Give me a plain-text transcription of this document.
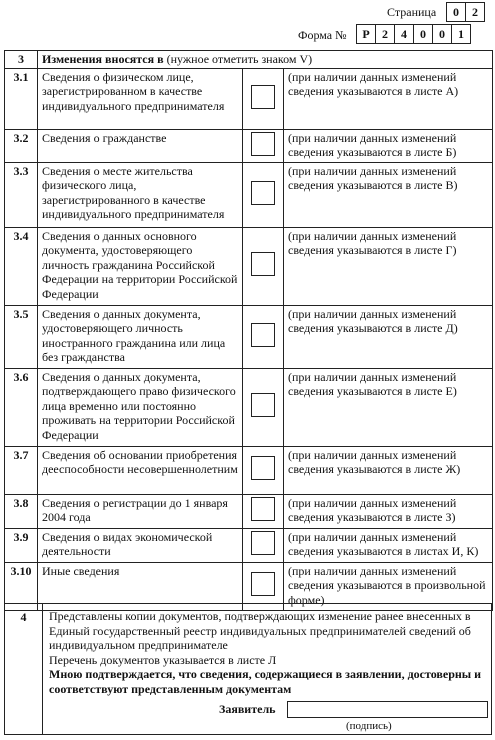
Страница	0	2
Форма №	Р	2	4	0	0	1
3	Изменения вносятся в (нужное отметить знаком V)		
3.1	Сведения о физическом лице, зарегистрированном в качестве индивидуального предпринимателя		(при наличии данных изменений сведения указываются в листе А)
3.2	Сведения о гражданстве		(при наличии данных изменений сведения указываются в листе Б)
3.3	Сведения о месте жительства физического лица, зарегистрированного в качестве индивидуального предпринимателя		(при наличии данных изменений сведения указываются в листе В)
3.4	Сведения о данных основного документа, удостоверяющего личность гражданина Российской Федерации на территории Российской Федерации		(при наличии данных изменений сведения указываются в листе Г)
3.5	Сведения о данных документа, удостоверяющего личность иностранного гражданина или лица без гражданства		(при наличии данных изменений сведения указываются в листе Д)
3.6	Сведения о данных документа, подтверждающего право физического лица временно или постоянно проживать на территории Российской Федерации		(при наличии данных изменений сведения указываются в листе Е)
3.7	Сведения об основании приобретения дееспособности несовершеннолетним		(при наличии данных изменений сведения указываются в листе Ж)
3.8	Сведения о регистрации до 1 января 2004 года		(при наличии данных изменений сведения указываются в листе З)
3.9	Сведения о видах экономической деятельности		(при наличии данных изменений сведения указываются в листах И, К)
3.10	Иные сведения		(при наличии данных изменений сведения указываются в произвольной форме)
4	Представлены копии документов, подтверждающих изменение ранее внесенных в Единый государственный реестр индивидуальных предпринимателей сведений об индивидуальном предпринимателе
Перечень документов указывается в листе Л
Мною подтверждается, что сведения, содержащиеся в заявлении, достоверны и соответствуют представленным документам
Заявитель
(подпись)
